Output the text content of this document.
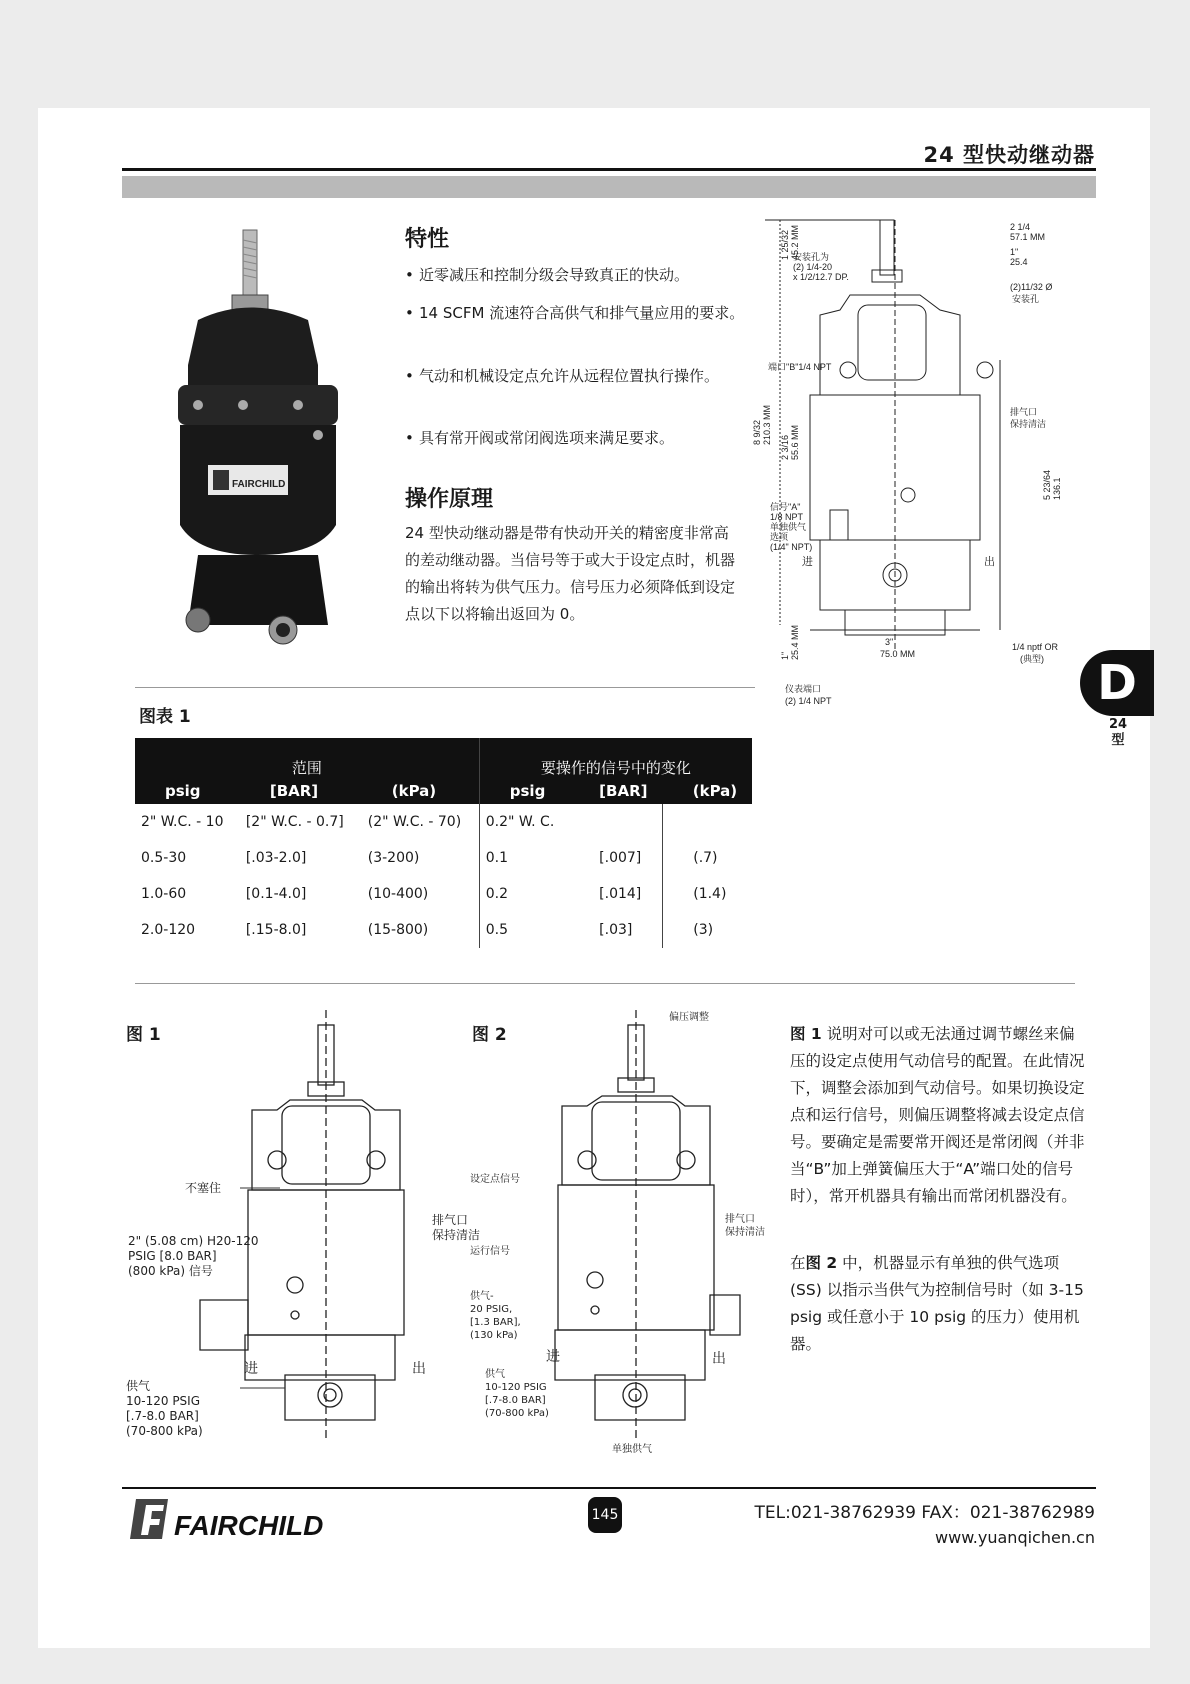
24 型快动继动器
FAIRCHILD
特性
• 近零减压和控制分级会导致真正的快动。
• 14 SCFM 流速符合高供气和排气量应用的要求。
• 气动和机械设定点允许从远程位置执行操作。
• 具有常开阀或常闭阀选项来满足要求。
操作原理
24 型快动继动器是带有快动开关的精密度非常高的差动继动器。当信号等于或大于设定点时，机器的输出将转为供气压力。信号压力必须降低到设定点以下以将输出返回为 0。
2 1/4
57.1 MM
1"
25.4
(2)11/32 Ø
安装孔
安装孔为
(2) 1/4-20
x 1/2/12.7 DP.
端口"B"1/4 NPT
排气口
保持清洁
信号"A"
1/8 NPT
单独供气
选项
(1/4" NPT)
1 25/32 45.2 MM
8 9/32 210.3 MM
2 3/16 55.6 MM
5 23/64 136.1
1" 25.4 MM	3"
75.0 MM
1/4 nptf OR
(典型)
仪表端口
(2) 1/4 NPT
进	出
D
24
型
图表 1
范围			要操作的信号中的变化		
psig	[BAR]	(kPa)	psig	[BAR]	(kPa)
2" W.C. - 10	[2" W.C. - 0.7]	(2" W.C. - 70)	0.2" W. C.		
0.5-30	[.03-2.0]	(3-200)	0.1	[.007]	(.7)
1.0-60	[0.1-4.0]	(10-400)	0.2	[.014]	(1.4)
2.0-120	[.15-8.0]	(15-800)	0.5	[.03]	(3)
图 1
不塞住
排气口
保持清洁
2" (5.08 cm) H20-120
PSIG [8.0 BAR]
(800 kPa) 信号
供气
10-120 PSIG
[.7-8.0 BAR]
(70-800 kPa)
进	出
图 2
偏压调整
设定点信号
排气口
保持清洁
运行信号
供气-
20 PSIG,
[1.3 BAR],
(130 kPa)
供气
10-120 PSIG
[.7-8.0 BAR]
(70-800 kPa)
单独供气
进	出
图 1 说明对可以或无法通过调节螺丝来偏压的设定点使用气动信号的配置。在此情况下，调整会添加到气动信号。如果切换设定点和运行信号，则偏压调整将减去设定点信号。要确定是需要常开阀还是常闭阀（并非当“B”加上弹簧偏压大于“A”端口处的信号时），常开机器具有输出而常闭机器没有。
在图 2 中，机器显示有单独的供气选项 (SS) 以指示当供气为控制信号时（如 3-15 psig 或任意小于 10 psig 的压力）使用机器。
FAIRCHILD	145	TEL:021-38762939 FAX：021-38762989
www.yuanqichen.cn
